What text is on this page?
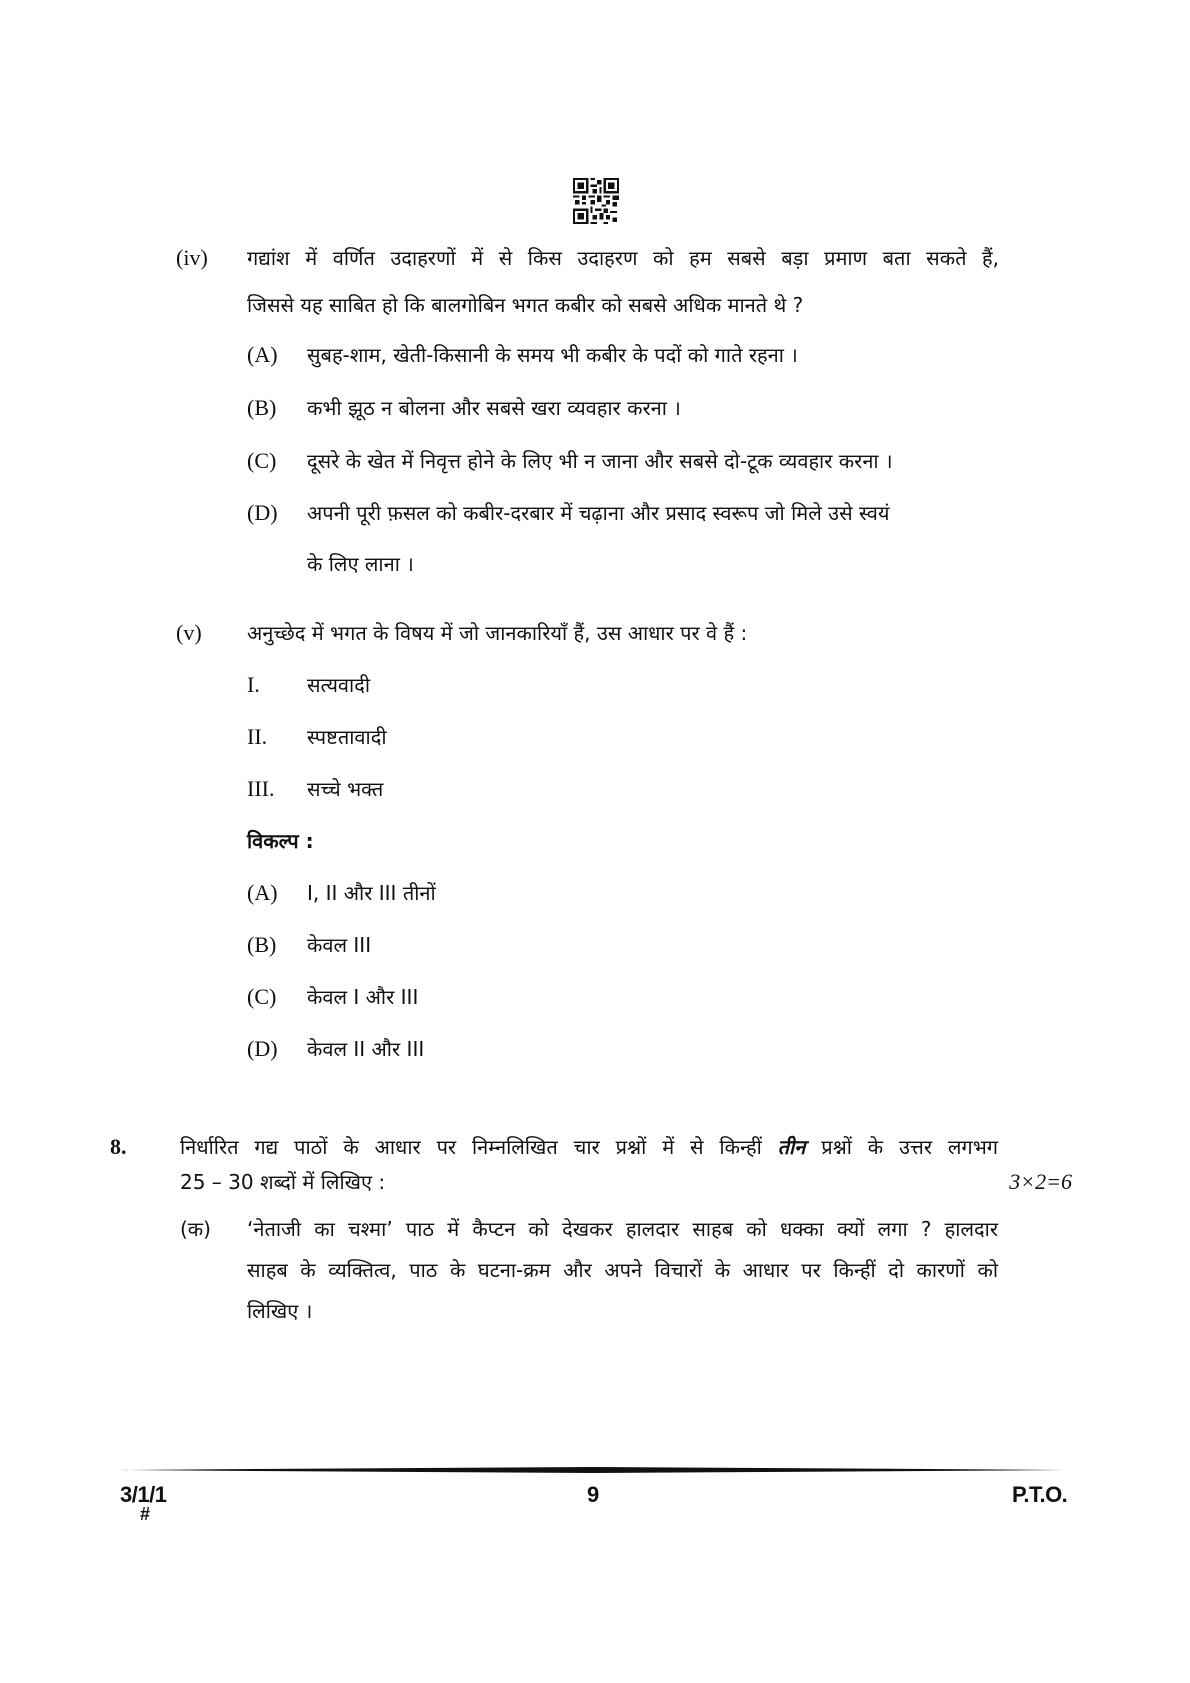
(iv) गद्यांश में वर्णित उदाहरणों में से किस उदाहरण को हम सबसे बड़ा प्रमाण बता सकते हैं,
जिससे यह साबित हो कि बालगोबिन भगत कबीर को सबसे अधिक मानते थे ?
(A) सुबह-शाम, खेती-किसानी के समय भी कबीर के पदों को गाते रहना ।
(B) कभी झूठ न बोलना और सबसे खरा व्यवहार करना ।
(C) दूसरे के खेत में निवृत्त होने के लिए भी न जाना और सबसे दो-टूक व्यवहार करना ।
(D) अपनी पूरी फ़सल को कबीर-दरबार में चढ़ाना और प्रसाद स्वरूप जो मिले उसे स्वयं
के लिए लाना ।
(v) अनुच्छेद में भगत के विषय में जो जानकारियाँ हैं, उस आधार पर वे हैं :
I. सत्यवादी
II. स्पष्टतावादी
III. सच्चे भक्त
विकल्प :
(A) I, II और III तीनों
(B) केवल III
(C) केवल I और III
(D) केवल II और III
8.	निर्धारित गद्य पाठों के आधार पर निम्नलिखित चार प्रश्नों में से किन्हीं तीन प्रश्नों के उत्तर लगभग
25 – 30 शब्दों में लिखिए :	3×2=6
(क) ‘नेताजी का चश्मा’ पाठ में कैप्टन को देखकर हालदार साहब को धक्का क्यों लगा ? हालदार
साहब के व्यक्तित्व, पाठ के घटना-क्रम और अपने विचारों के आधार पर किन्हीं दो कारणों को
लिखिए ।
3/1/1
#
9	P.T.O.
